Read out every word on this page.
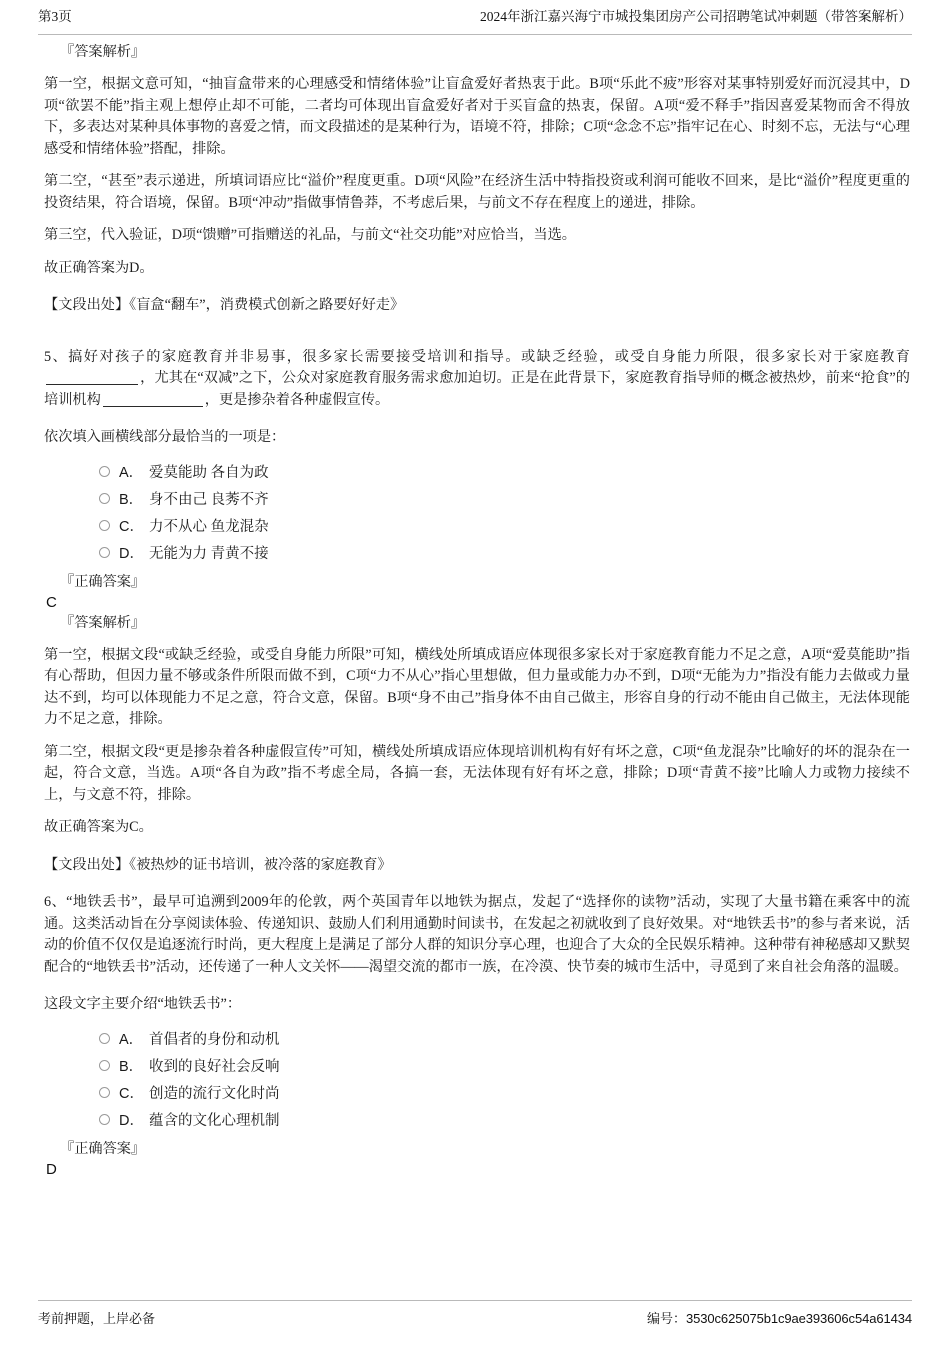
第3页	2024年浙江嘉兴海宁市城投集团房产公司招聘笔试冲刺题（带答案解析）
『答案解析』

第一空，根据文意可知，“抽盲盒带来的心理感受和情绪体验”让盲盒爱好者热衷于此。B项“乐此不疲”形容对某事特别爱好而沉浸其中，D项“欲罢不能”指主观上想停止却不可能，二者均可体现出盲盒爱好者对于买盲盒的热衷，保留。A项“爱不释手”指因喜爱某物而舍不得放下，多表达对某种具体事物的喜爱之情，而文段描述的是某种行为，语境不符，排除；C项“念念不忘”指牢记在心、时刻不忘，无法与“心理感受和情绪体验”搭配，排除。

第二空，“甚至”表示递进，所填词语应比“溢价”程度更重。D项“风险”在经济生活中特指投资或利润可能收不回来，是比“溢价”程度更重的投资结果，符合语境，保留。B项“冲动”指做事情鲁莽，不考虑后果，与前文不存在程度上的递进，排除。

第三空，代入验证，D项“馈赠”可指赠送的礼品，与前文“社交功能”对应恰当，当选。

故正确答案为D。

【文段出处】《盲盒“翻车”，消费模式创新之路要好好走》

5、搞好对孩子的家庭教育并非易事，很多家长需要接受培训和指导。或缺乏经验，或受自身能力所限，很多家长对于家庭教育，尤其在“双减”之下，公众对家庭教育服务需求愈加迫切。正是在此背景下，家庭教育指导师的概念被热炒，前来“抢食”的培训机构	，更是掺杂着各种虚假宣传。

依次填入画横线部分最恰当的一项是：

A． 爱莫能助 各自为政
B． 身不由己 良莠不齐
C． 力不从心 鱼龙混杂
D． 无能为力 青黄不接
『正确答案』
C
『答案解析』

第一空，根据文段“或缺乏经验，或受自身能力所限”可知，横线处所填成语应体现很多家长对于家庭教育能力不足之意，A项“爱莫能助”指有心帮助，但因力量不够或条件所限而做不到，C项“力不从心”指心里想做，但力量或能力办不到，D项“无能为力”指没有能力去做或力量达不到，均可以体现能力不足之意，符合文意，保留。B项“身不由己”指身体不由自己做主，形容自身的行动不能由自己做主，无法体现能力不足之意，排除。

第二空，根据文段“更是掺杂着各种虚假宣传”可知，横线处所填成语应体现培训机构有好有坏之意，C项“鱼龙混杂”比喻好的坏的混杂在一起，符合文意，当选。A项“各自为政”指不考虑全局，各搞一套，无法体现有好有坏之意，排除；D项“青黄不接”比喻人力或物力接续不上，与文意不符，排除。

故正确答案为C。

【文段出处】《被热炒的证书培训，被冷落的家庭教育》

6、“地铁丢书”，最早可追溯到2009年的伦敦，两个英国青年以地铁为据点，发起了“选择你的读物”活动，实现了大量书籍在乘客中的流通。这类活动旨在分享阅读体验、传递知识、鼓励人们利用通勤时间读书，在发起之初就收到了良好效果。对“地铁丢书”的参与者来说，活动的价值不仅仅是追逐流行时尚，更大程度上是满足了部分人群的知识分享心理，也迎合了大众的全民娱乐精神。这种带有神秘感却又默契配合的“地铁丢书”活动，还传递了一种人文关怀——渴望交流的都市一族，在冷漠、快节奏的城市生活中，寻觅到了来自社会角落的温暖。

这段文字主要介绍“地铁丢书”：

A． 首倡者的身份和动机
B． 收到的良好社会反响
C． 创造的流行文化时尚
D． 蕴含的文化心理机制
『正确答案』
D
考前押题，上岸必备	编号：3530c625075b1c9ae393606c54a61434
